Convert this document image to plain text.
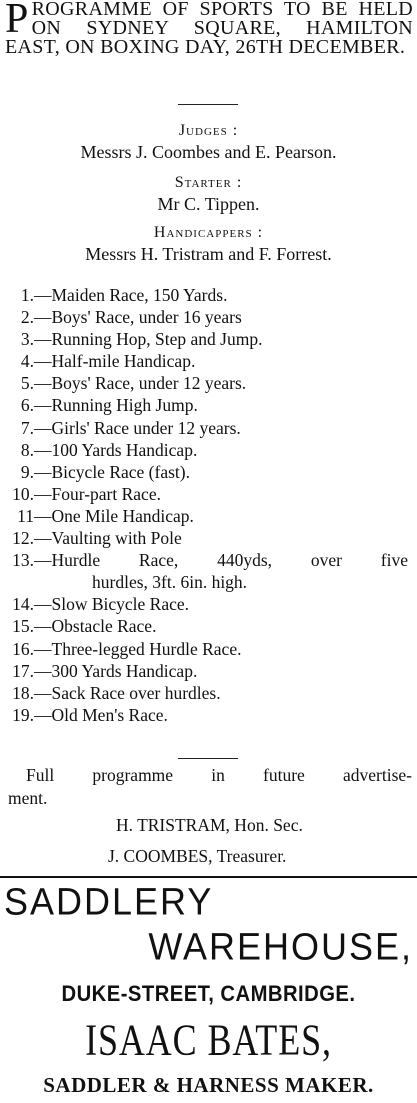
PROGRAMME OF SPORTS TO BE HELD ON SYDNEY SQUARE, HAMILTON EAST, ON BOXING DAY, 26TH DECEMBER.
Judges :
Messrs J. Coombes and E. Pearson.
Starter :
Mr C. Tippen.
Handicappers :
Messrs H. Tristram and F. Forrest.
1.—Maiden Race, 150 Yards.
2.—Boys' Race, under 16 years
3.—Running Hop, Step and Jump.
4.—Half-mile Handicap.
5.—Boys' Race, under 12 years.
6.—Running High Jump.
7.—Girls' Race under 12 years.
8.—100 Yards Handicap.
9.—Bicycle Race (fast).
10.—Four-part Race.
11—One Mile Handicap.
12.—Vaulting with Pole
13.—Hurdle Race, 440yds, over five
hurdles, 3ft. 6in. high.
14.—Slow Bicycle Race.
15.—Obstacle Race.
16.—Three-legged Hurdle Race.
17.—300 Yards Handicap.
18.—Sack Race over hurdles.
19.—Old Men's Race.
Full programme in future advertise-
ment.
H. TRISTRAM, Hon. Sec.
J. COOMBES, Treasurer.
SADDLERY
WAREHOUSE,
DUKE-STREET, CAMBRIDGE.
ISAAC BATES,
SADDLER & HARNESS MAKER.
